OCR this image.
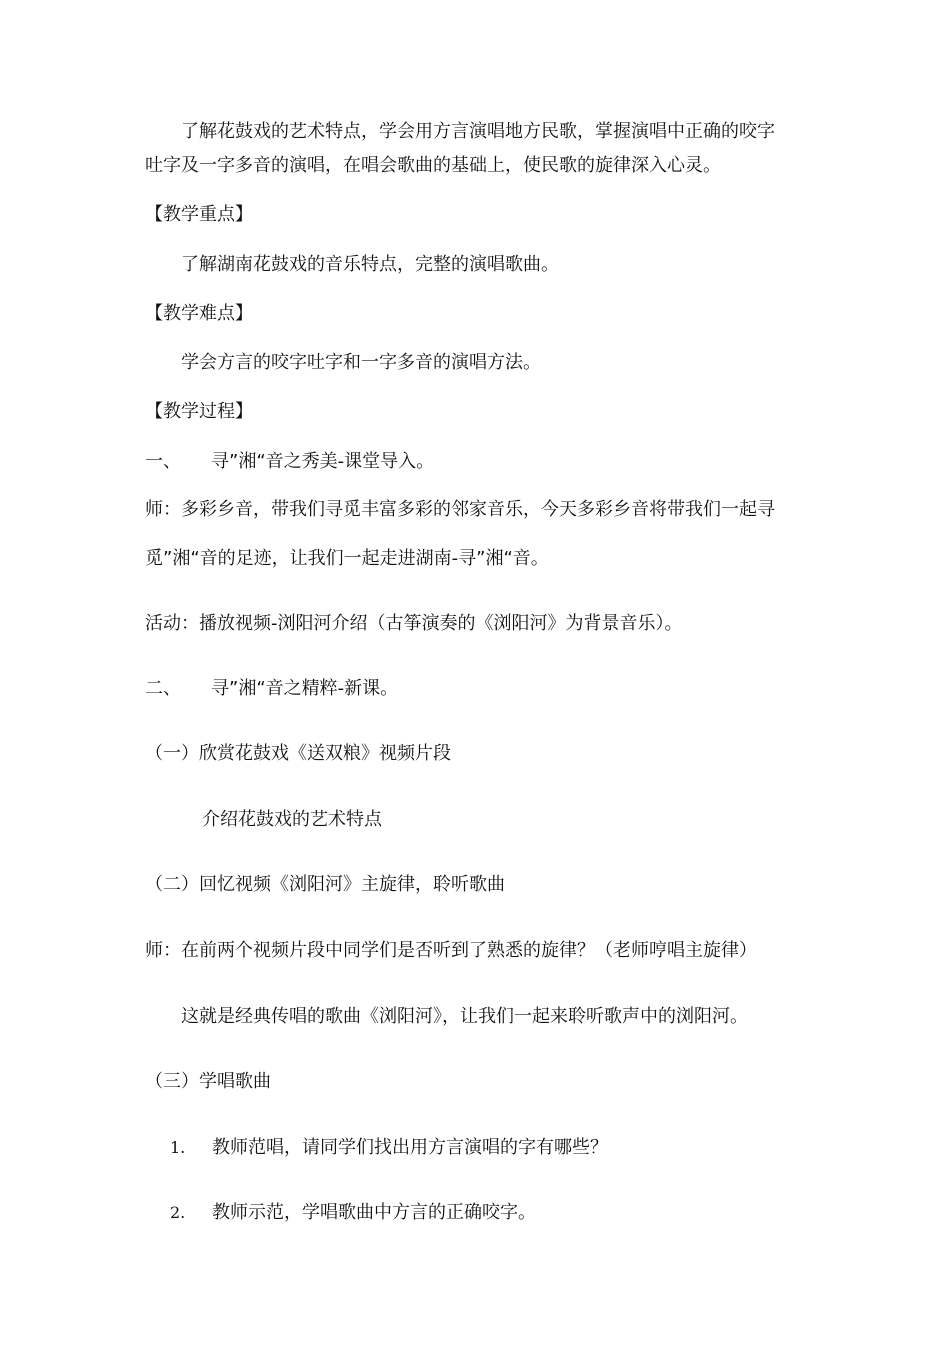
了解花鼓戏的艺术特点，学会用方言演唱地方民歌，掌握演唱中正确的咬字
吐字及一字多音的演唱，在唱会歌曲的基础上，使民歌的旋律深入心灵。
【教学重点】
了解湖南花鼓戏的音乐特点，完整的演唱歌曲。
【教学难点】
学会方言的咬字吐字和一字多音的演唱方法。
【教学过程】
一、 寻”湘“音之秀美-课堂导入。
师：多彩乡音，带我们寻觅丰富多彩的邻家音乐，今天多彩乡音将带我们一起寻
觅”湘“音的足迹，让我们一起走进湖南-寻”湘“音。
活动：播放视频-浏阳河介绍（古筝演奏的《浏阳河》为背景音乐）。
二、 寻”湘“音之精粹-新课。
（一）欣赏花鼓戏《送双粮》视频片段
介绍花鼓戏的艺术特点
（二）回忆视频《浏阳河》主旋律，聆听歌曲
师：在前两个视频片段中同学们是否听到了熟悉的旋律？（老师哼唱主旋律）
这就是经典传唱的歌曲《浏阳河》，让我们一起来聆听歌声中的浏阳河。
（三）学唱歌曲
1. 教师范唱，请同学们找出用方言演唱的字有哪些？
2. 教师示范，学唱歌曲中方言的正确咬字。
